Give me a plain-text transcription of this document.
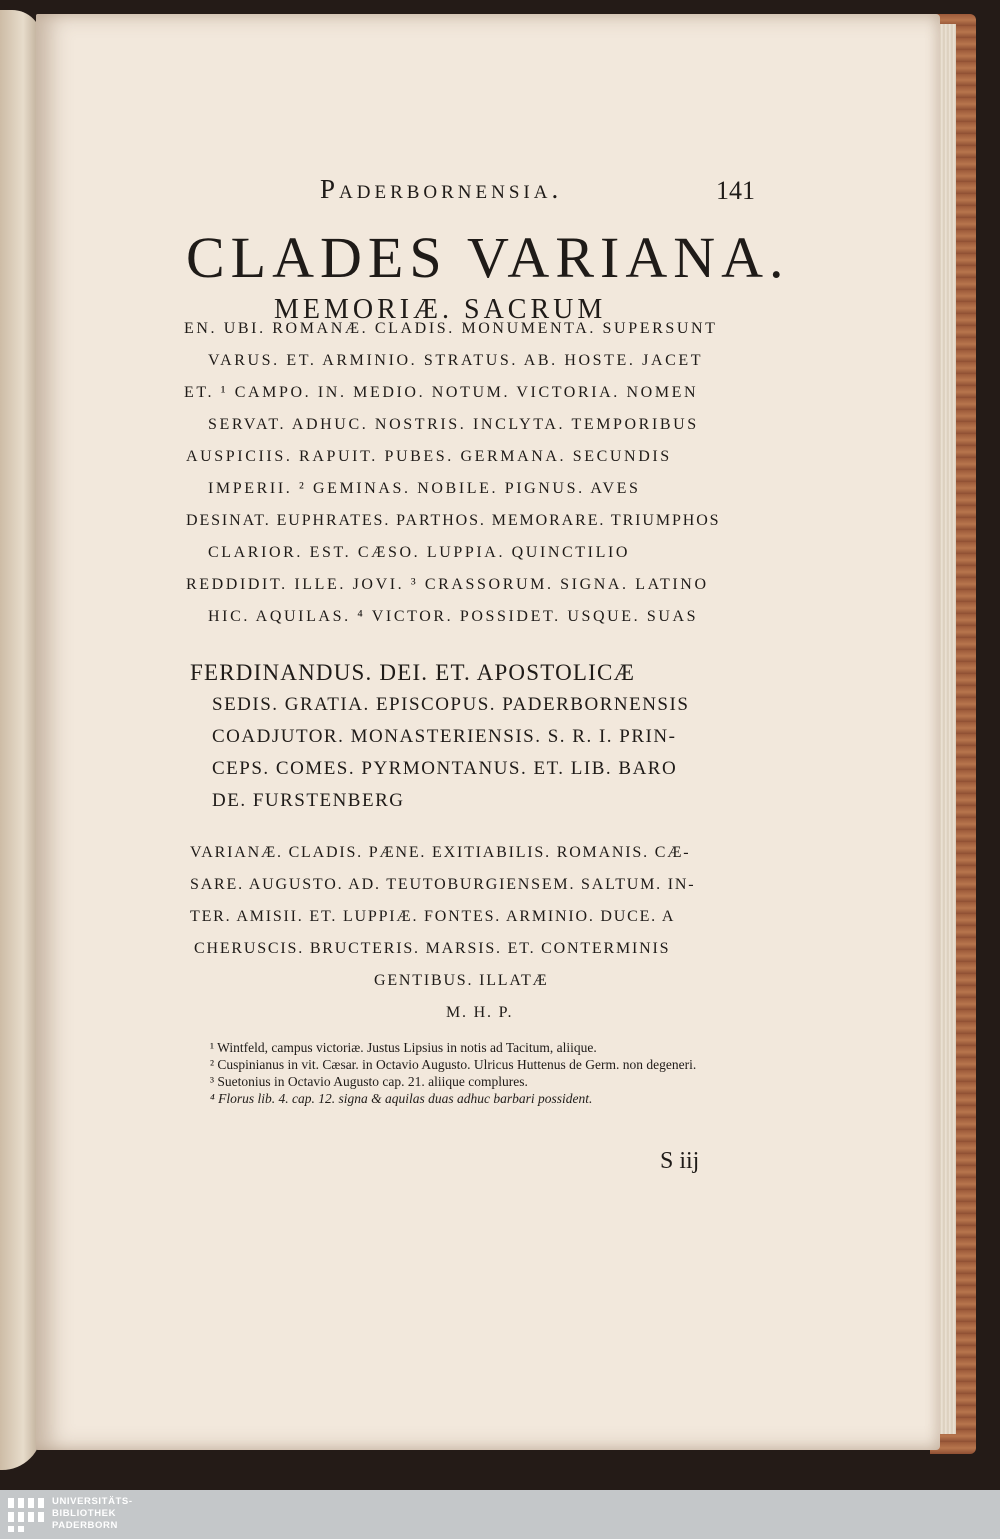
Paderbornensia.	141
CLADES VARIANA.
MEMORIÆ. SACRUM
EN. UBI. ROMANÆ. CLADIS. MONUMENTA. SUPERSUNT
VARUS. ET. ARMINIO. STRATUS. AB. HOSTE. JACET
ET. ¹ CAMPO. IN. MEDIO. NOTUM. VICTORIA. NOMEN
SERVAT. ADHUC. NOSTRIS. INCLYTA. TEMPORIBUS
AUSPICIIS. RAPUIT. PUBES. GERMANA. SECUNDIS
IMPERII. ² GEMINAS. NOBILE. PIGNUS. AVES
DESINAT. EUPHRATES. PARTHOS. MEMORARE. TRIUMPHOS
CLARIOR. EST. CÆSO. LUPPIA. QUINCTILIO
REDDIDIT. ILLE. JOVI. ³ CRASSORUM. SIGNA. LATINO
HIC. AQUILAS. ⁴ VICTOR. POSSIDET. USQUE. SUAS
FERDINANDUS. DEI. ET. APOSTOLICÆ
SEDIS. GRATIA. EPISCOPUS. PADERBORNENSIS
COADJUTOR. MONASTERIENSIS. S. R. I. PRIN-
CEPS. COMES. PYRMONTANUS. ET. LIB. BARO
DE. FURSTENBERG
VARIANÆ. CLADIS. PÆNE. EXITIABILIS. ROMANIS. CÆ-
SARE. AUGUSTO. AD. TEUTOBURGIENSEM. SALTUM. IN-
TER. AMISII. ET. LUPPIÆ. FONTES. ARMINIO. DUCE. A
CHERUSCIS. BRUCTERIS. MARSIS. ET. CONTERMINIS
GENTIBUS. ILLATÆ
M. H. P.
¹ Wintfeld, campus victoriæ. Justus Lipsius in notis ad Tacitum, aliique.
² Cuspinianus in vit. Cæsar. in Octavio Augusto. Ulricus Huttenus de Germ. non degeneri.
³ Suetonius in Octavio Augusto cap. 21. aliique complures.
⁴ Florus lib. 4. cap. 12. signa & aquilas duas adhuc barbari possident.
S iij
UNIVERSITÄTS-
BIBLIOTHEK
PADERBORN
